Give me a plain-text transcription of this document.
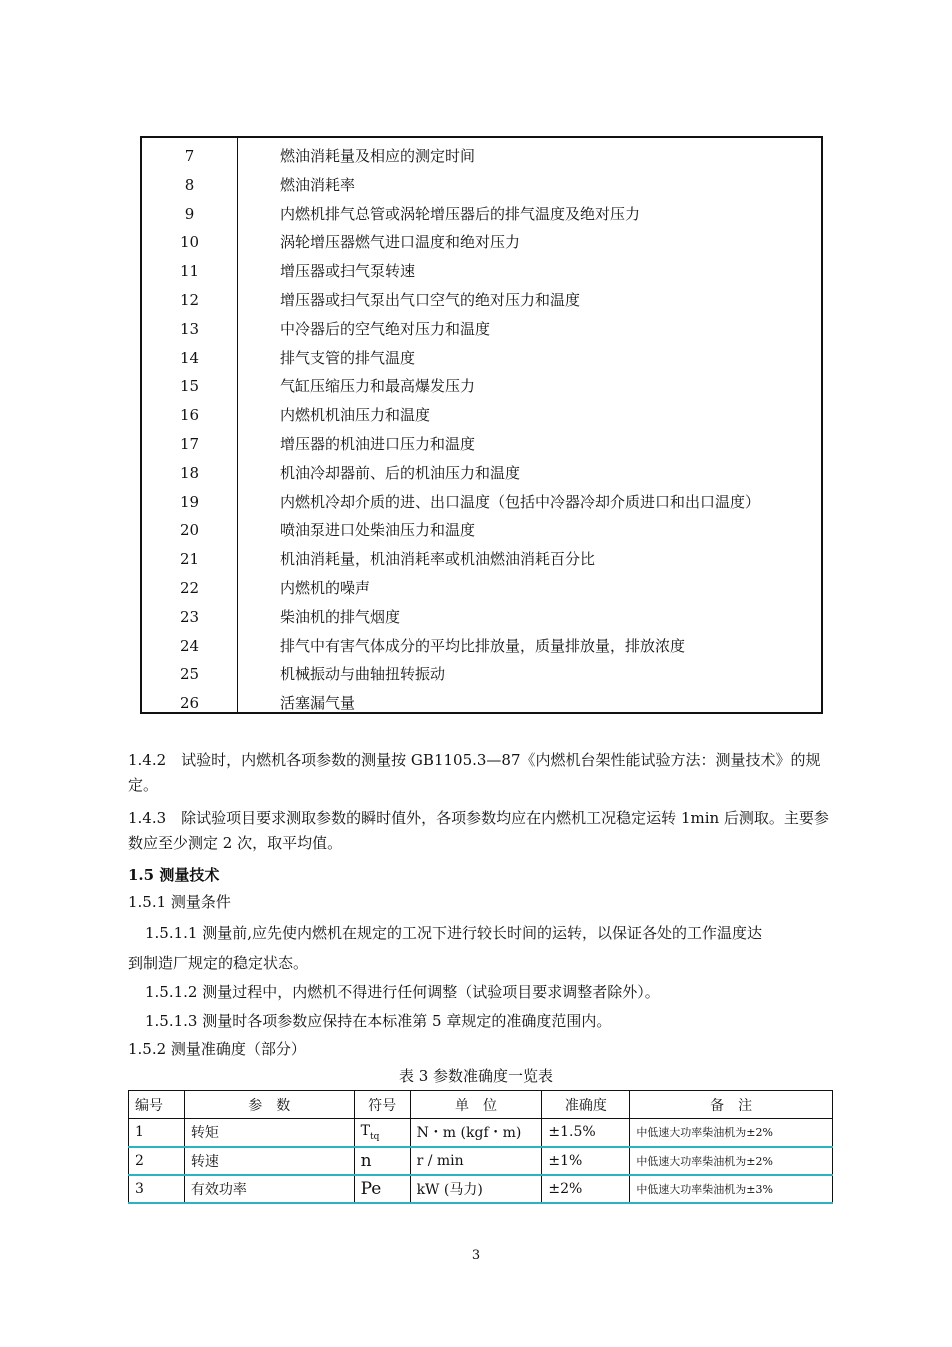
7	燃油消耗量及相应的测定时间
8	燃油消耗率
9	内燃机排气总管或涡轮增压器后的排气温度及绝对压力
10	涡轮增压器燃气进口温度和绝对压力
11	增压器或扫气泵转速
12	增压器或扫气泵出气口空气的绝对压力和温度
13	中冷器后的空气绝对压力和温度
14	排气支管的排气温度
15	气缸压缩压力和最高爆发压力
16	内燃机机油压力和温度
17	增压器的机油进口压力和温度
18	机油冷却器前、后的机油压力和温度
19	内燃机冷却介质的进、出口温度（包括中冷器冷却介质进口和出口温度）
20	喷油泵进口处柴油压力和温度
21	机油消耗量，机油消耗率或机油燃油消耗百分比
22	内燃机的噪声
23	柴油机的排气烟度
24	排气中有害气体成分的平均比排放量，质量排放量，排放浓度
25	机械振动与曲轴扭转振动
26	活塞漏气量
1.4.2　试验时，内燃机各项参数的测量按 GB1105.3—87《内燃机台架性能试验方法：测量技术》的规定。
1.4.3　除试验项目要求测取参数的瞬时值外，各项参数均应在内燃机工况稳定运转 1min 后测取。主要参数应至少测定 2 次，取平均值。
1.5 测量技术
1.5.1 测量条件
1.5.1.1 测量前,应先使内燃机在规定的工况下进行较长时间的运转，以保证各处的工作温度达
到制造厂规定的稳定状态。
1.5.1.2 测量过程中，内燃机不得进行任何调整（试验项目要求调整者除外）。
1.5.1.3 测量时各项参数应保持在本标准第 5 章规定的准确度范围内。
1.5.2 测量准确度（部分）
表 3 参数准确度一览表
编号	参　数	符号	单　位	准确度	备　注
1	转矩	$T_{tq}$	N・m (kgf・m)	±1.5%	中低速大功率柴油机为±2%
2	转速	n	r / min	±1%	中低速大功率柴油机为±2%
3	有效功率	Pe	kW (马力)	±2%	中低速大功率柴油机为±3%
3
